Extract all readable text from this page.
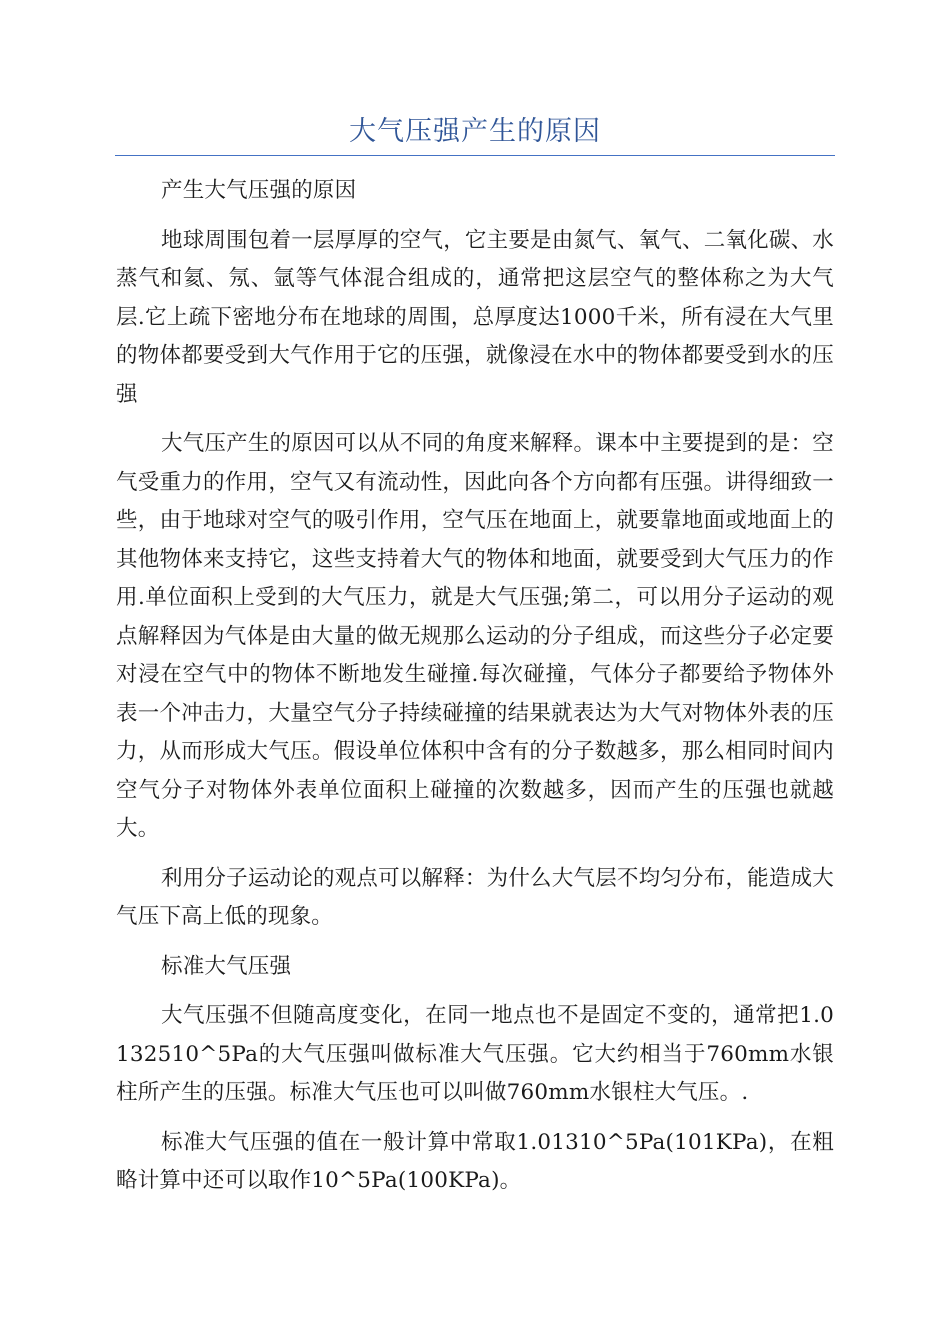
大气压强产生的原因

产生大气压强的原因

地球周围包着一层厚厚的空气，它主要是由氮气、氧气、二氧化碳、水蒸气和氦、氖、氩等气体混合组成的，通常把这层空气的整体称之为大气层.它上疏下密地分布在地球的周围，总厚度达1000千米，所有浸在大气里的物体都要受到大气作用于它的压强，就像浸在水中的物体都要受到水的压强

大气压产生的原因可以从不同的角度来解释。课本中主要提到的是：空气受重力的作用，空气又有流动性，因此向各个方向都有压强。讲得细致一些，由于地球对空气的吸引作用，空气压在地面上，就要靠地面或地面上的其他物体来支持它，这些支持着大气的物体和地面，就要受到大气压力的作用.单位面积上受到的大气压力，就是大气压强;第二，可以用分子运动的观点解释因为气体是由大量的做无规那么运动的分子组成，而这些分子必定要对浸在空气中的物体不断地发生碰撞.每次碰撞，气体分子都要给予物体外表一个冲击力，大量空气分子持续碰撞的结果就表达为大气对物体外表的压力，从而形成大气压。假设单位体积中含有的分子数越多，那么相同时间内空气分子对物体外表单位面积上碰撞的次数越多，因而产生的压强也就越大。

利用分子运动论的观点可以解释：为什么大气层不均匀分布，能造成大气压下高上低的现象。

标准大气压强

大气压强不但随高度变化，在同一地点也不是固定不变的，通常把1.0132510^5Pa的大气压强叫做标准大气压强。它大约相当于760mm水银柱所产生的压强。标准大气压也可以叫做760mm水银柱大气压。.

标准大气压强的值在一般计算中常取1.01310^5Pa(101KPa)，在粗略计算中还可以取作10^5Pa(100KPa)。
